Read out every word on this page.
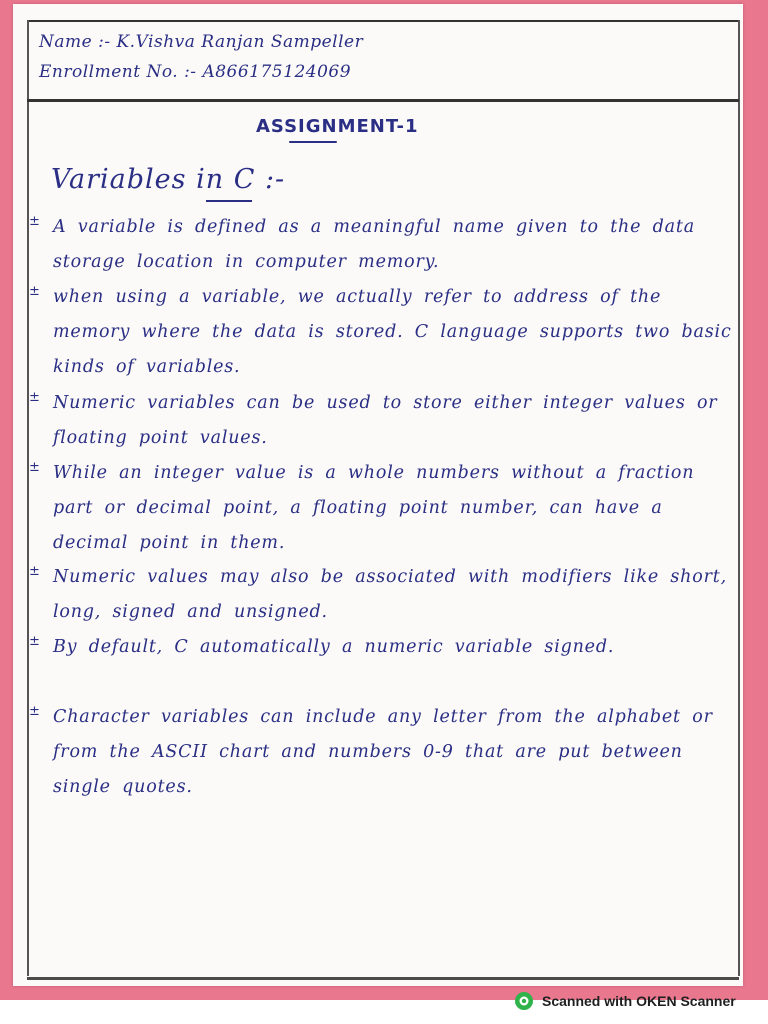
Name :- K.Vishva Ranjan Sampeller
Enrollment No. :- A866175124069
ASSIGNMENT-1
Variables in C :-
± A variable is defined as a meaningful name given to the data storage location in computer memory.
± when using a variable, we actually refer to address of the memory where the data is stored. C language supports two basic kinds of variables.
± Numeric variables can be used to store either integer values or floating point values.
± While an integer value is a whole numbers without a fraction part or decimal point, a floating point number, can have a decimal point in them.
± Numeric values may also be associated with modifiers like short, long, signed and unsigned.
± By default, C automatically a numeric variable signed.
± Character variables can include any letter from the alphabet or from the ASCII chart and numbers 0-9 that are put between single quotes.
Scanned with OKEN Scanner
